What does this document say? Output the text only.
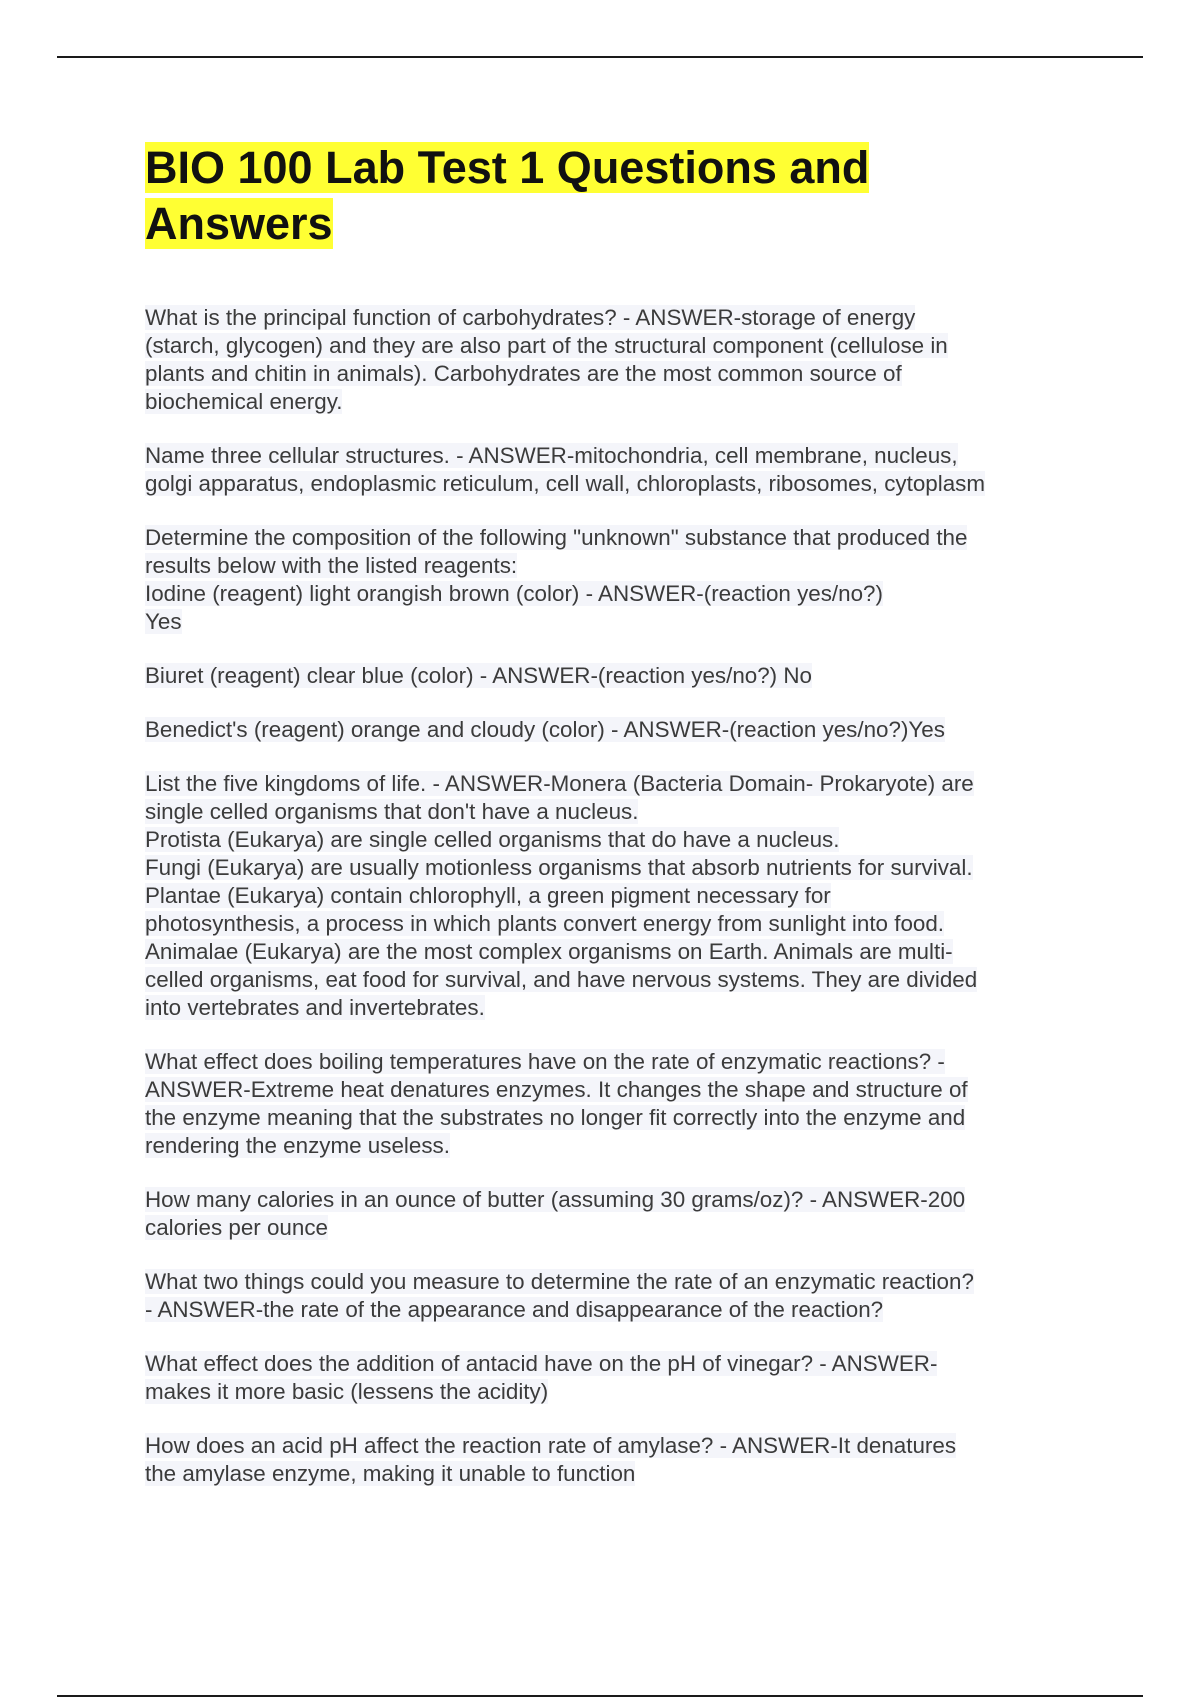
BIO 100 Lab Test 1 Questions and
Answers

What is the principal function of carbohydrates? - ANSWER-storage of energy
(starch, glycogen) and they are also part of the structural component (cellulose in
plants and chitin in animals). Carbohydrates are the most common source of
biochemical energy.

Name three cellular structures. - ANSWER-mitochondria, cell membrane, nucleus,
golgi apparatus, endoplasmic reticulum, cell wall, chloroplasts, ribosomes, cytoplasm

Determine the composition of the following "unknown" substance that produced the
results below with the listed reagents:
Iodine (reagent) light orangish brown (color) - ANSWER-(reaction yes/no?)
Yes

Biuret (reagent) clear blue (color) - ANSWER-(reaction yes/no?) No

Benedict's (reagent) orange and cloudy (color) - ANSWER-(reaction yes/no?)Yes

List the five kingdoms of life. - ANSWER-Monera (Bacteria Domain- Prokaryote) are
single celled organisms that don't have a nucleus.
Protista (Eukarya) are single celled organisms that do have a nucleus.
Fungi (Eukarya) are usually motionless organisms that absorb nutrients for survival.
Plantae (Eukarya) contain chlorophyll, a green pigment necessary for
photosynthesis, a process in which plants convert energy from sunlight into food.
Animalae (Eukarya) are the most complex organisms on Earth. Animals are multi-
celled organisms, eat food for survival, and have nervous systems. They are divided
into vertebrates and invertebrates.

What effect does boiling temperatures have on the rate of enzymatic reactions? -
ANSWER-Extreme heat denatures enzymes. It changes the shape and structure of
the enzyme meaning that the substrates no longer fit correctly into the enzyme and
rendering the enzyme useless.

How many calories in an ounce of butter (assuming 30 grams/oz)? - ANSWER-200
calories per ounce

What two things could you measure to determine the rate of an enzymatic reaction?
- ANSWER-the rate of the appearance and disappearance of the reaction?

What effect does the addition of antacid have on the pH of vinegar? - ANSWER-
makes it more basic (lessens the acidity)

How does an acid pH affect the reaction rate of amylase? - ANSWER-It denatures
the amylase enzyme, making it unable to function
